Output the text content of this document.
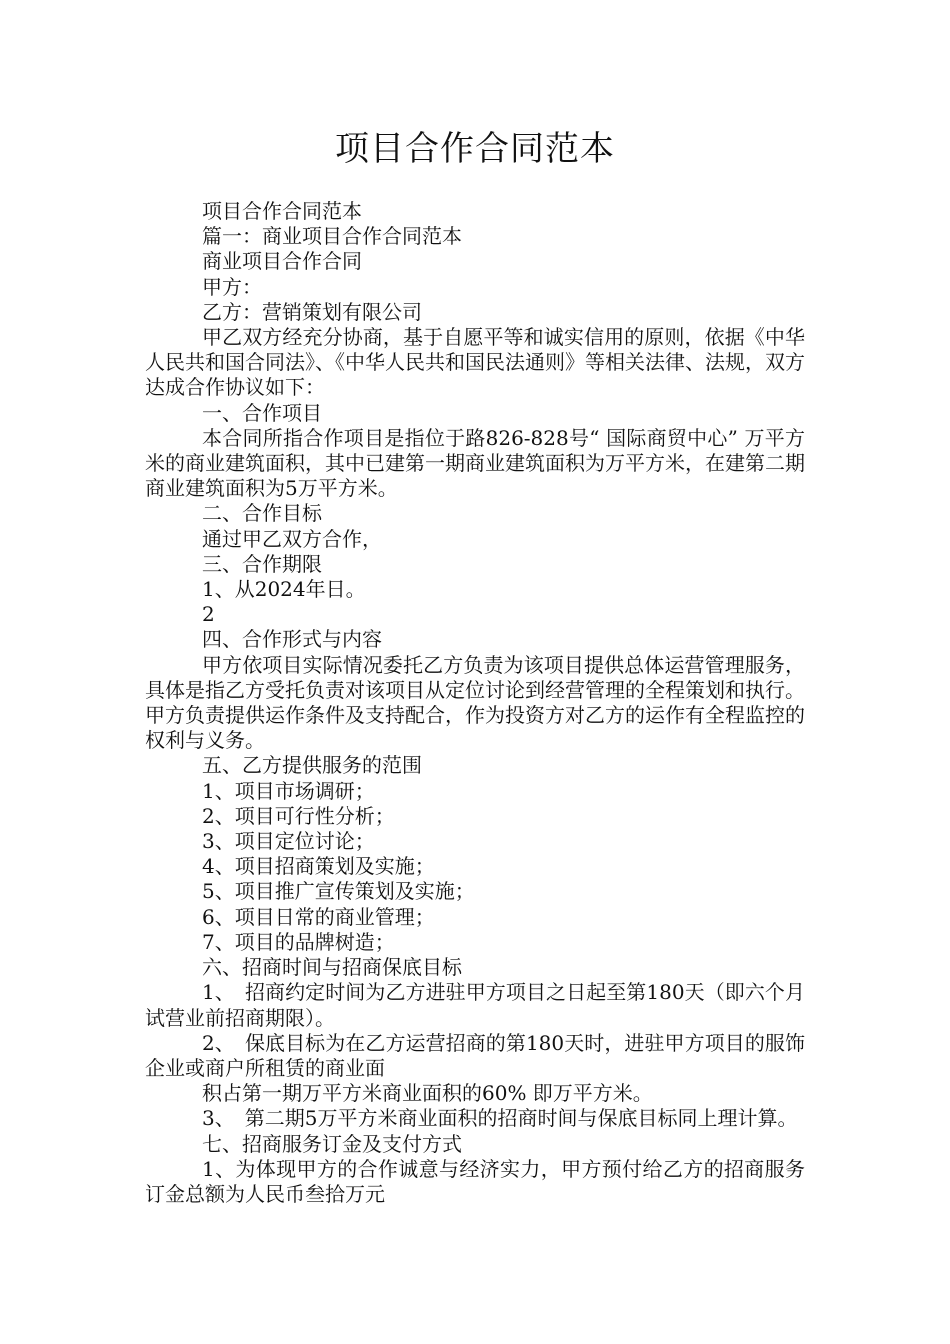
项目合作合同范本

项目合作合同范本

篇一：商业项目合作合同范本

商业项目合作合同

甲方：

乙方：营销策划有限公司

甲乙双方经充分协商，基于自愿平等和诚实信用的原则，依据《中华人民共和国合同法》、《中华人民共和国民法通则》等相关法律、法规，双方达成合作协议如下：

一、合作项目

本合同所指合作项目是指位于路826-828号“ 国际商贸中心” 万平方米的商业建筑面积，其中已建第一期商业建筑面积为万平方米，在建第二期商业建筑面积为5万平方米。

二、合作目标

通过甲乙双方合作，

三、合作期限

1、从2024年日。

2

四、合作形式与内容

甲方依项目实际情况委托乙方负责为该项目提供总体运营管理服务，具体是指乙方受托负责对该项目从定位讨论到经营管理的全程策划和执行。甲方负责提供运作条件及支持配合，作为投资方对乙方的运作有全程监控的权利与义务。

五、乙方提供服务的范围

1、项目市场调研；

2、项目可行性分析；

3、项目定位讨论；

4、项目招商策划及实施；

5、项目推广宣传策划及实施；

6、项目日常的商业管理；

7、项目的品牌树造；

六、招商时间与招商保底目标

1、　招商约定时间为乙方进驻甲方项目之日起至第180天（即六个月试营业前招商期限）。

2、　保底目标为在乙方运营招商的第180天时，进驻甲方项目的服饰企业或商户所租赁的商业面

积占第一期万平方米商业面积的60% 即万平方米。

3、　第二期5万平方米商业面积的招商时间与保底目标同上理计算。

七、招商服务订金及支付方式

1、为体现甲方的合作诚意与经济实力，甲方预付给乙方的招商服务订金总额为人民币叁拾万元
